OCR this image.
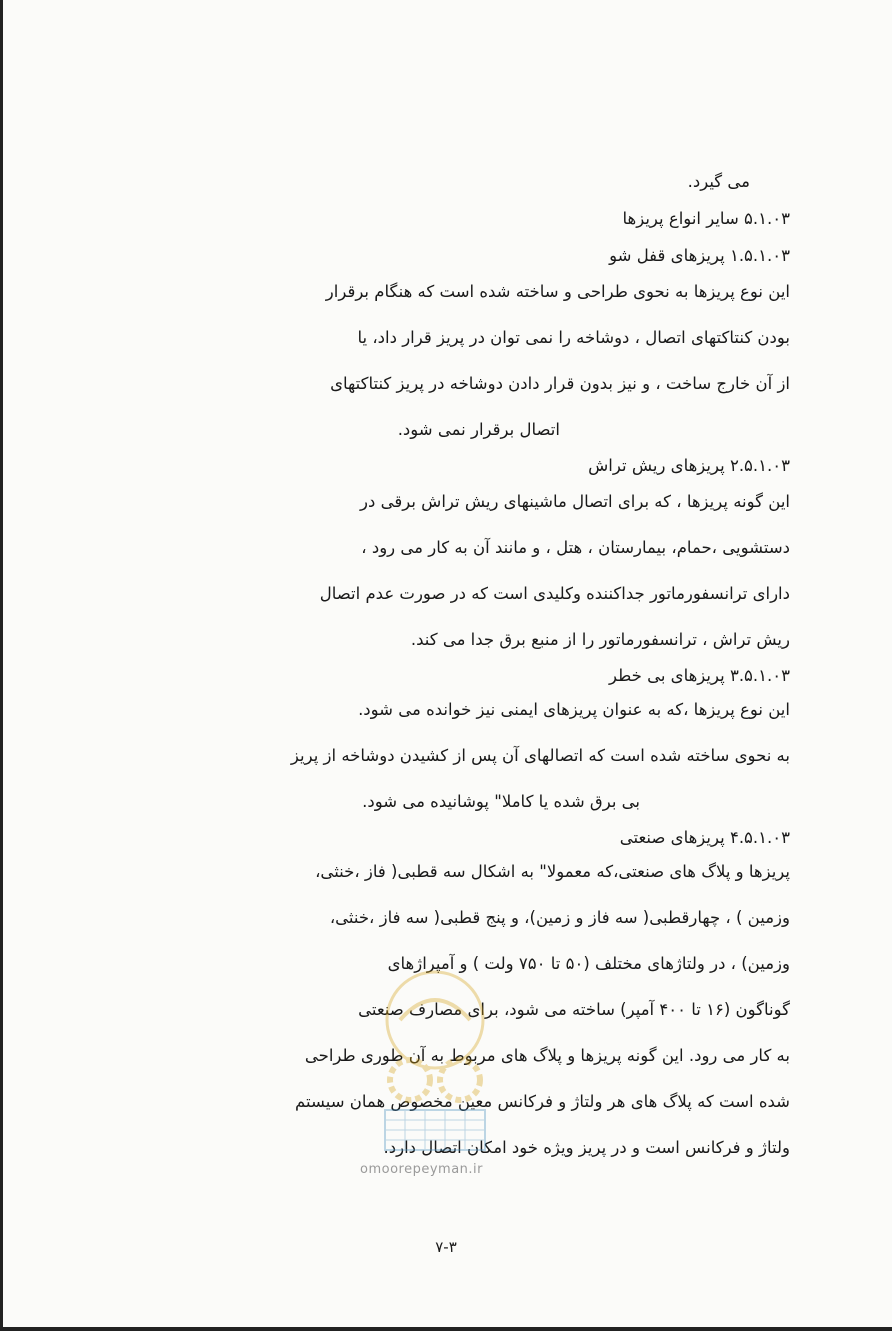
می گیرد.
۵.۱.۰۳ سایر انواع پریزها
۱.۵.۱.۰۳ پریزهای قفل شو
این نوع پریزها به نحوی طراحی و ساخته شده است که هنگام برقرار
بودن کنتاکتهای اتصال ، دوشاخه را نمی توان در پریز قرار داد، یا
از آن خارج ساخت ، و نیز بدون قرار دادن دوشاخه در پریز کنتاکتهای
اتصال برقرار نمی شود.
۲.۵.۱.۰۳ پریزهای ریش تراش
این گونه پریزها ، که برای اتصال ماشینهای ریش تراش برقی در
دستشویی ،حمام، بیمارستان ، هتل ، و مانند آن به کار می رود ،
دارای ترانسفورماتور جداکننده وکلیدی است که در صورت عدم اتصال
ریش تراش ، ترانسفورماتور را از منبع برق جدا می کند.
۳.۵.۱.۰۳ پریزهای بی خطر
این نوع پریزها ،که به عنوان پریزهای ایمنی نیز خوانده می شود.
به نحوی ساخته شده است که اتصالهای آن پس از کشیدن دوشاخه از پریز
بی برق شده یا کاملا" پوشانیده می شود.
۴.۵.۱.۰۳ پریزهای صنعتی
پریزها و پلاگ های صنعتی،که معمولا" به اشکال سه قطبی( فاز ،خنثی،
وزمین ) ، چهارقطبی( سه فاز و زمین)، و پنج قطبی( سه فاز ،خنثی،
وزمین) ، در ولتاژهای مختلف (۵۰ تا ۷۵۰ ولت ) و آمپراژهای
گوناگون (۱۶ تا ۴۰۰ آمپر) ساخته می شود، برای مصارف صنعتی
به کار می رود. این گونه پریزها و پلاگ های مربوط به آن طوری طراحی
شده است که پلاگ های هر ولتاژ و فرکانس معین مخصوص همان سیستم
ولتاژ و فرکانس است و در پریز ویژه خود امکان اتصال دارد.
omoorepeyman.ir
۷-۳
